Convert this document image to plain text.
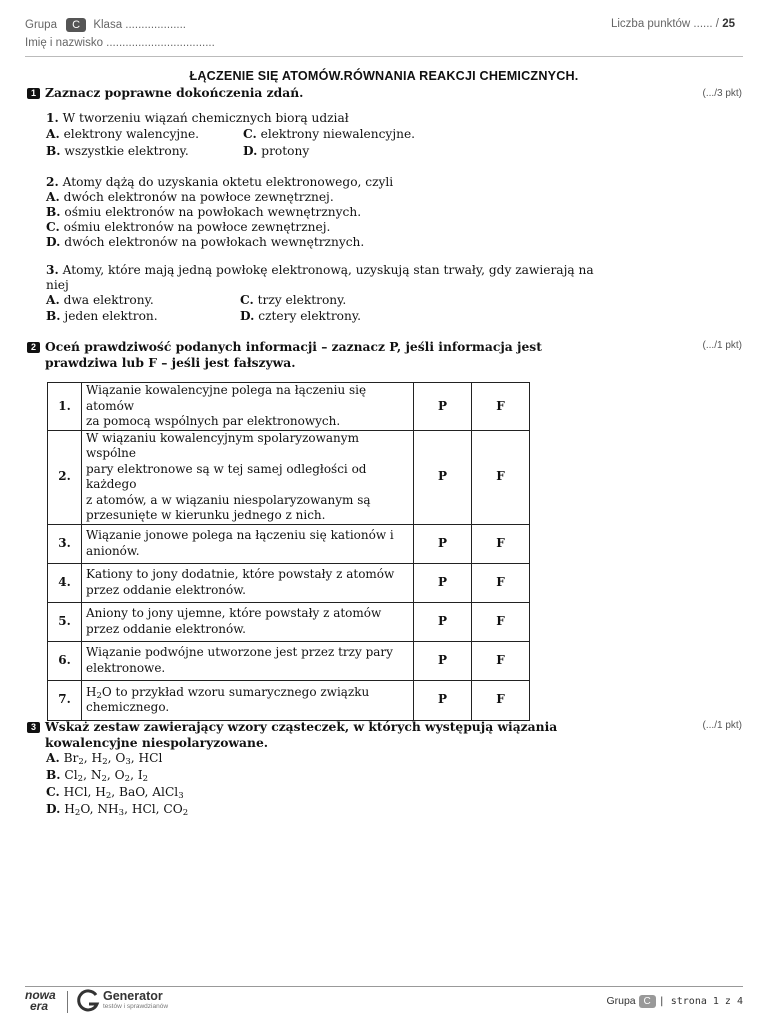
Grupa C Klasa ...................
Imię i nazwisko ..................................
Liczba punktów ...... / 25
ŁĄCZENIE SIĘ ATOMÓW.RÓWNANIA REAKCJI CHEMICZNYCH.
1 Zaznacz poprawne dokończenia zdań.	(.../3 pkt)
1. W tworzeniu wiązań chemicznych biorą udział
A. elektrony walencyjne.	C. elektrony niewalencyjne.
B. wszystkie elektrony.	D. protony
2. Atomy dążą do uzyskania oktetu elektronowego, czyli
A. dwóch elektronów na powłoce zewnętrznej.
B. ośmiu elektronów na powłokach wewnętrznych.
C. ośmiu elektronów na powłoce zewnętrznej.
D. dwóch elektronów na powłokach wewnętrznych.
3. Atomy, które mają jedną powłokę elektronową, uzyskują stan trwały, gdy zawierają na
niej
A. dwa elektrony.	C. trzy elektrony.
B. jeden elektron.	D. cztery elektrony.
2 Oceń prawdziwość podanych informacji – zaznacz P, jeśli informacja jest
prawdziwa lub F – jeśli jest fałszywa.
(.../1 pkt)
1.	Wiązanie kowalencyjne polega na łączeniu się atomów
za pomocą wspólnych par elektronowych.	P	F
2.	W wiązaniu kowalencyjnym spolaryzowanym wspólne
pary elektronowe są w tej samej odległości od każdego
z atomów, a w wiązaniu niespolaryzowanym są
przesunięte w kierunku jednego z nich.	P	F
3.	Wiązanie jonowe polega na łączeniu się kationów i
anionów.	P	F
4.	Kationy to jony dodatnie, które powstały z atomów
przez oddanie elektronów.	P	F
5.	Aniony to jony ujemne, które powstały z atomów
przez oddanie elektronów.	P	F
6.	Wiązanie podwójne utworzone jest przez trzy pary
elektronowe.	P	F
7.	$H_2O$ to przykład wzoru sumarycznego związku
chemicznego.	P	F
3 Wskaż zestaw zawierający wzory cząsteczek, w których występują wiązania
kowalencyjne niespolaryzowane.
(.../1 pkt)
A. $Br_2$, $H_2$, $O_3$, HCl
B. $Cl_2$, $N_2$, $O_2$, $I_2$
C. HCl, $H_2$, BaO, AlCl$_3$
D. $H_2O$, $NH_3$, HCl, $CO_2$
nowa
era
Generator
testów i sprawdzianów	Grupa C | strona 1 z 4
